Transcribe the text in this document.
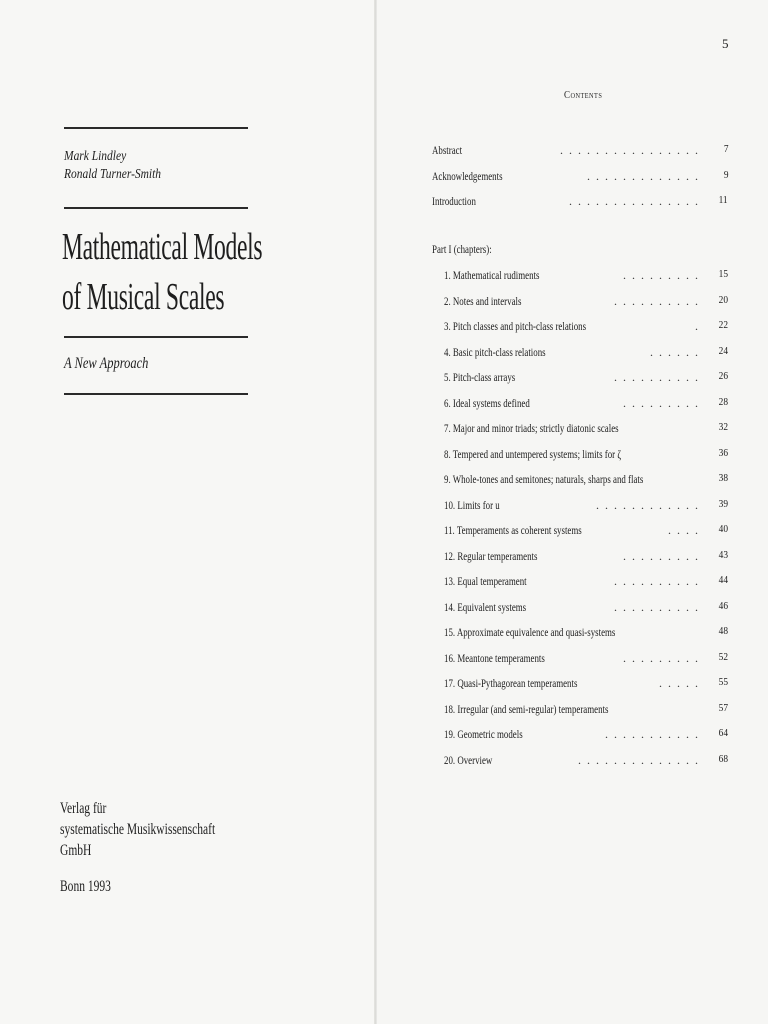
Mark Lindley
Ronald Turner-Smith
Mathematical Models
of Musical Scales
A New Approach
Verlag für
systematische Musikwissenschaft
GmbH
Bonn 1993
5
Contents
Abstract	................ 7
Acknowledgements	............. 9
Introduction	............... 11
Part I (chapters):
1. Mathematical rudiments	......... 15
2. Notes and intervals	.......... 20
3. Pitch classes and pitch-class relations	. 22
4. Basic pitch-class relations	...... 24
5. Pitch-class arrays	.......... 26
6. Ideal systems defined	......... 28
7. Major and minor triads; strictly diatonic scales	32
8. Tempered and untempered systems; limits for ζ	36
9. Whole-tones and semitones; naturals, sharps and flats	38
10. Limits for u	............ 39
11. Temperaments as coherent systems	.... 40
12. Regular temperaments	......... 43
13. Equal temperament	.......... 44
14. Equivalent systems	.......... 46
15. Approximate equivalence and quasi-systems	48
16. Meantone temperaments	......... 52
17. Quasi-Pythagorean temperaments	..... 55
18. Irregular (and semi-regular) temperaments	57
19. Geometric models	........... 64
20. Overview	.............. 68
